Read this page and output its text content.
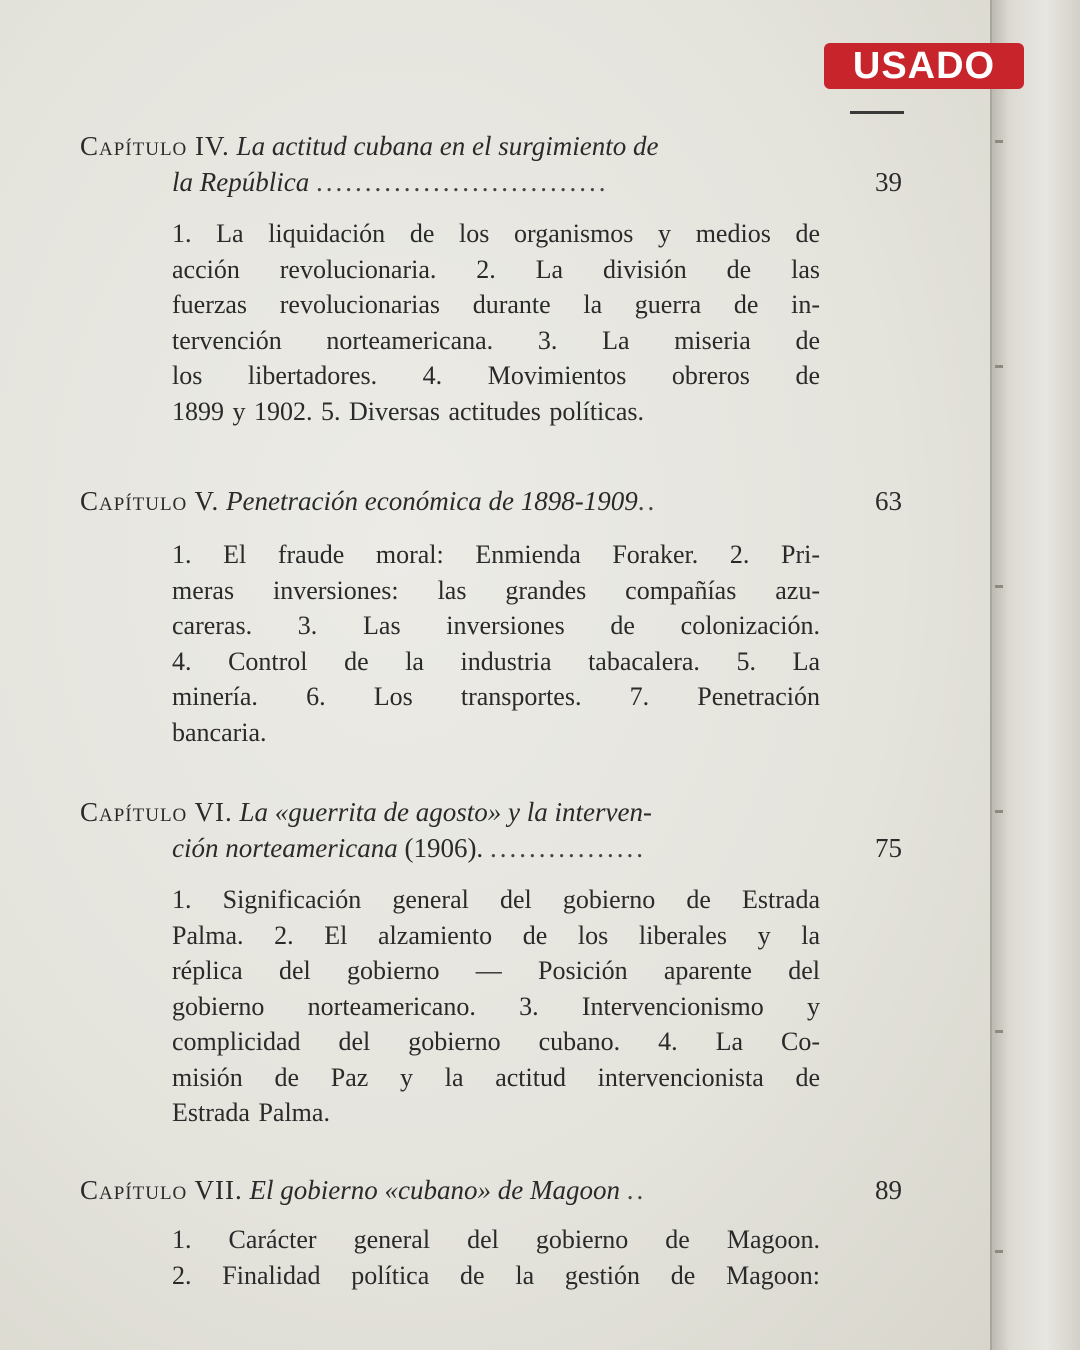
USADO
Capítulo IV. La actitud cubana en el surgimiento de
la República ..............................	39
1. La liquidación de los organismos y medios de
acción revolucionaria. 2. La división de las
fuerzas revolucionarias durante la guerra de in-
tervención norteamericana. 3. La miseria de
los libertadores. 4. Movimientos obreros de
1899 y 1902. 5. Diversas actitudes políticas.
Capítulo V. Penetración económica de 1898-1909..	63
1. El fraude moral: Enmienda Foraker. 2. Pri-
meras inversiones: las grandes compañías azu-
careras. 3. Las inversiones de colonización.
4. Control de la industria tabacalera. 5. La
minería. 6. Los transportes. 7. Penetración
bancaria.
Capítulo VI. La «guerrita de agosto» y la interven-
ción norteamericana (1906). ................	75
1. Significación general del gobierno de Estrada
Palma. 2. El alzamiento de los liberales y la
réplica del gobierno — Posición aparente del
gobierno norteamericano. 3. Intervencionismo y
complicidad del gobierno cubano. 4. La Co-
misión de Paz y la actitud intervencionista de
Estrada Palma.
Capítulo VII. El gobierno «cubano» de Magoon ..	89
1. Carácter general del gobierno de Magoon.
2. Finalidad política de la gestión de Magoon:
